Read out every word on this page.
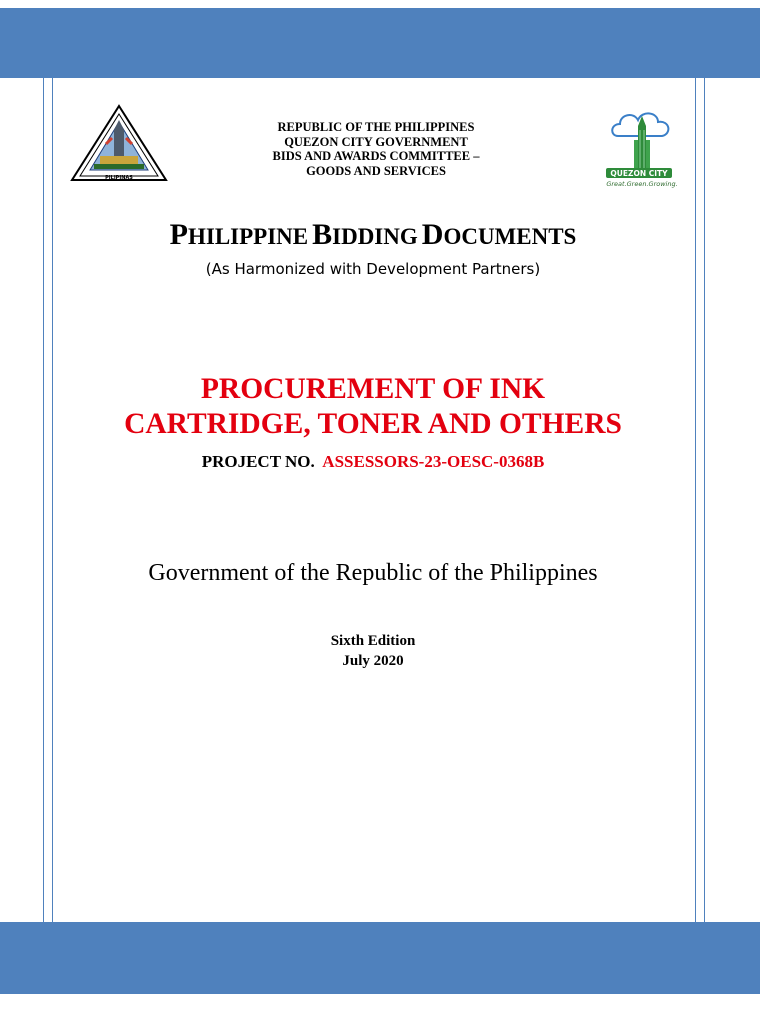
PILIPINAS
REPUBLIC OF THE PHILIPPINES
QUEZON CITY GOVERNMENT
BIDS AND AWARDS COMMITTEE –
GOODS AND SERVICES	QUEZON CITY
Great.Green.Growing.
PHILIPPINE BIDDING DOCUMENTS
(As Harmonized with Development Partners)
PROCUREMENT OF INK
CARTRIDGE, TONER AND OTHERS
PROJECT NO. ASSESSORS-23-OESC-0368B
Government of the Republic of the Philippines
Sixth Edition
July 2020
